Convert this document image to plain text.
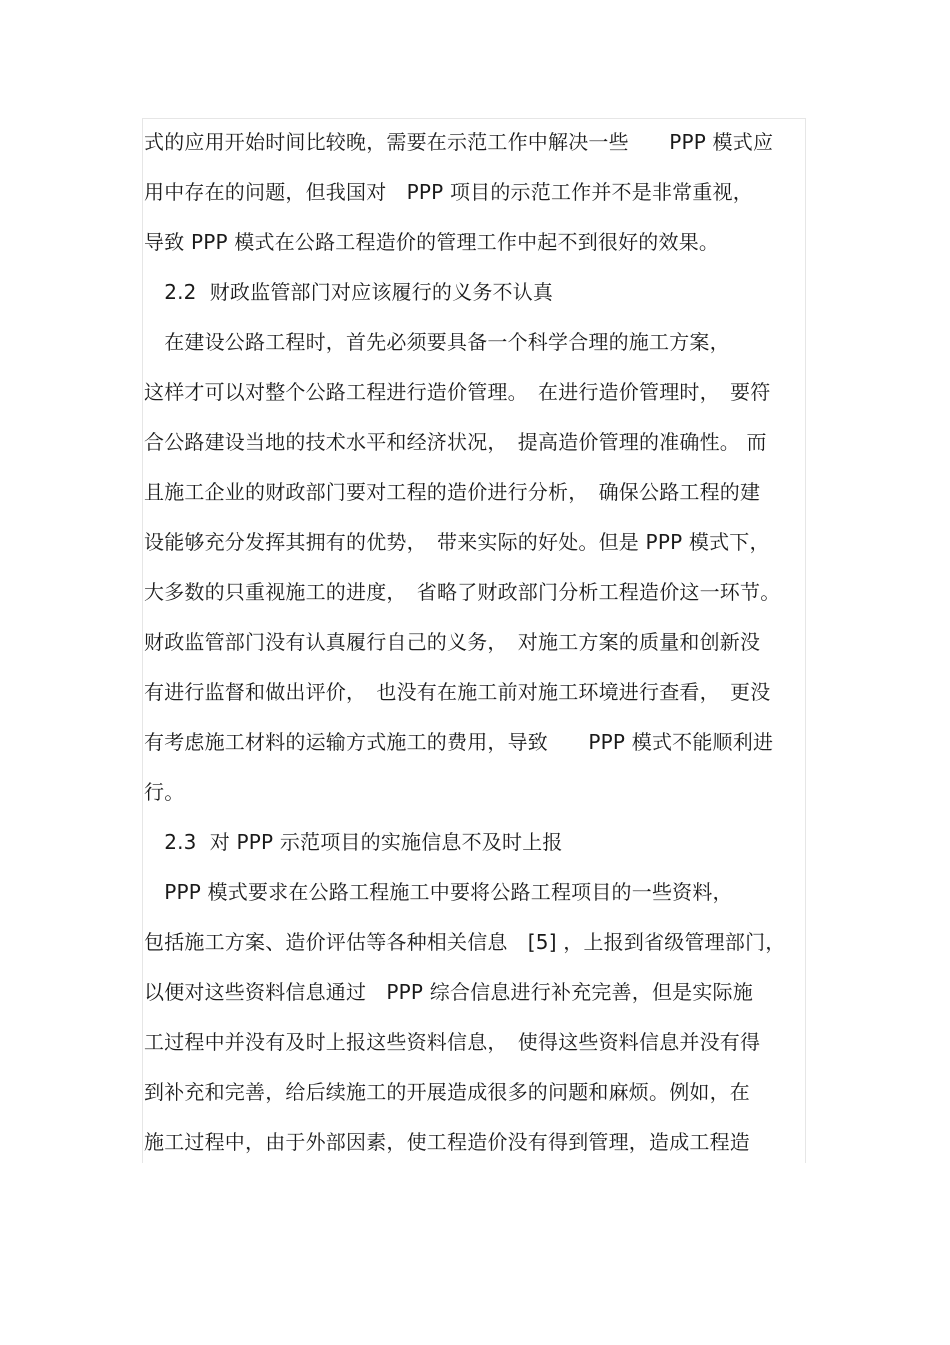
式的应用开始时间比较晚，需要在示范工作中解决一些　　PPP 模式应
用中存在的问题，但我国对　PPP 项目的示范工作并不是非常重视，
导致 PPP 模式在公路工程造价的管理工作中起不到很好的效果。
　2.2  财政监管部门对应该履行的义务不认真
　在建设公路工程时，首先必须要具备一个科学合理的施工方案，
这样才可以对整个公路工程进行造价管理。　在进行造价管理时，　要符
合公路建设当地的技术水平和经济状况，　提高造价管理的准确性。 而
且施工企业的财政部门要对工程的造价进行分析，　确保公路工程的建
设能够充分发挥其拥有的优势，　带来实际的好处。但是 PPP 模式下，
大多数的只重视施工的进度，　省略了财政部门分析工程造价这一环节。
财政监管部门没有认真履行自己的义务，　对施工方案的质量和创新没
有进行监督和做出评价，　也没有在施工前对施工环境进行查看，　更没
有考虑施工材料的运输方式施工的费用，导致　　PPP 模式不能顺利进
行。
　2.3  对 PPP 示范项目的实施信息不及时上报
　PPP 模式要求在公路工程施工中要将公路工程项目的一些资料，
包括施工方案、造价评估等各种相关信息　[5] ，上报到省级管理部门，
以便对这些资料信息通过　PPP 综合信息进行补充完善，但是实际施
工过程中并没有及时上报这些资料信息，　使得这些资料信息并没有得
到补充和完善，给后续施工的开展造成很多的问题和麻烦。例如，在
施工过程中，由于外部因素，使工程造价没有得到管理，造成工程造
